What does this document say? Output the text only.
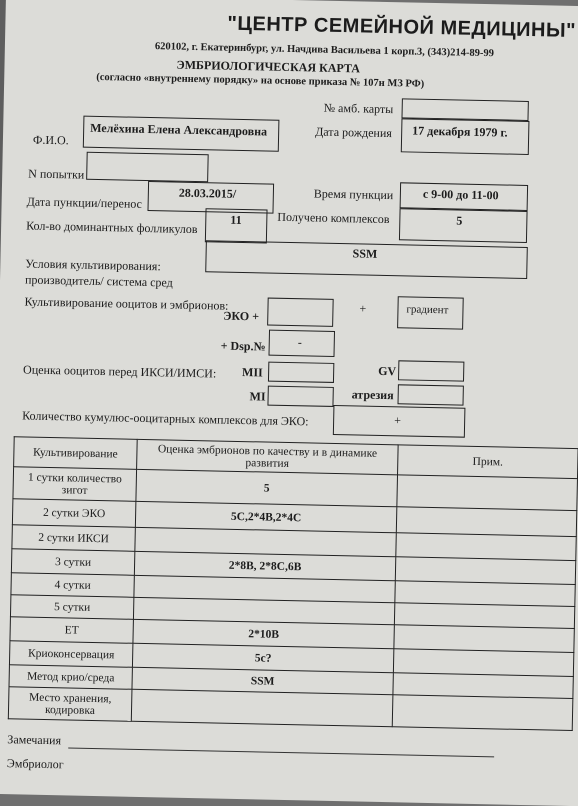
"ЦЕНТР СЕМЕЙНОЙ МЕДИЦИНЫ"
620102, г. Екатеринбург, ул. Начдива Васильева 1 корп.3, (343)214-89-99
ЭМБРИОЛОГИЧЕСКАЯ КАРТА
(согласно «внутреннему порядку» на основе приказа № 107н МЗ РФ)
№ амб. карты
Ф.И.О.
Мелёхина Елена Александровна	Дата рождения 17 декабря 1979 г.
N попытки
Дата пункции/перенос
28.03.2015/	Время пункции с 9-00 до 11-00
Кол-во доминантных фолликулов	11	Получено комплексов	5
Условия культивирования:
производитель/ система сред
SSM
Культивирование ооцитов и эмбрионов:
ЭКО +
+	градиент
+ Dsp.№	-
Оценка ооцитов перед ИКСИ/ИМСИ: MII	GV
MI	атрезия
Количество кумулюс-ооцитарных комплексов для ЭКО:	+
Культивирование	Оценка эмбрионов по качеству и в динамике развития	Прим.
1 сутки количество зигот	5	
2 сутки ЭКО	5C,2*4B,2*4C	
2 сутки ИКСИ		
3 сутки	2*8B, 2*8C,6B	
4 сутки		
5 сутки		
ET	2*10B	
Криоконсервация	5c?	
Метод крио/среда	SSM	
Место хранения, кодировка		
Замечания
Эмбриолог
